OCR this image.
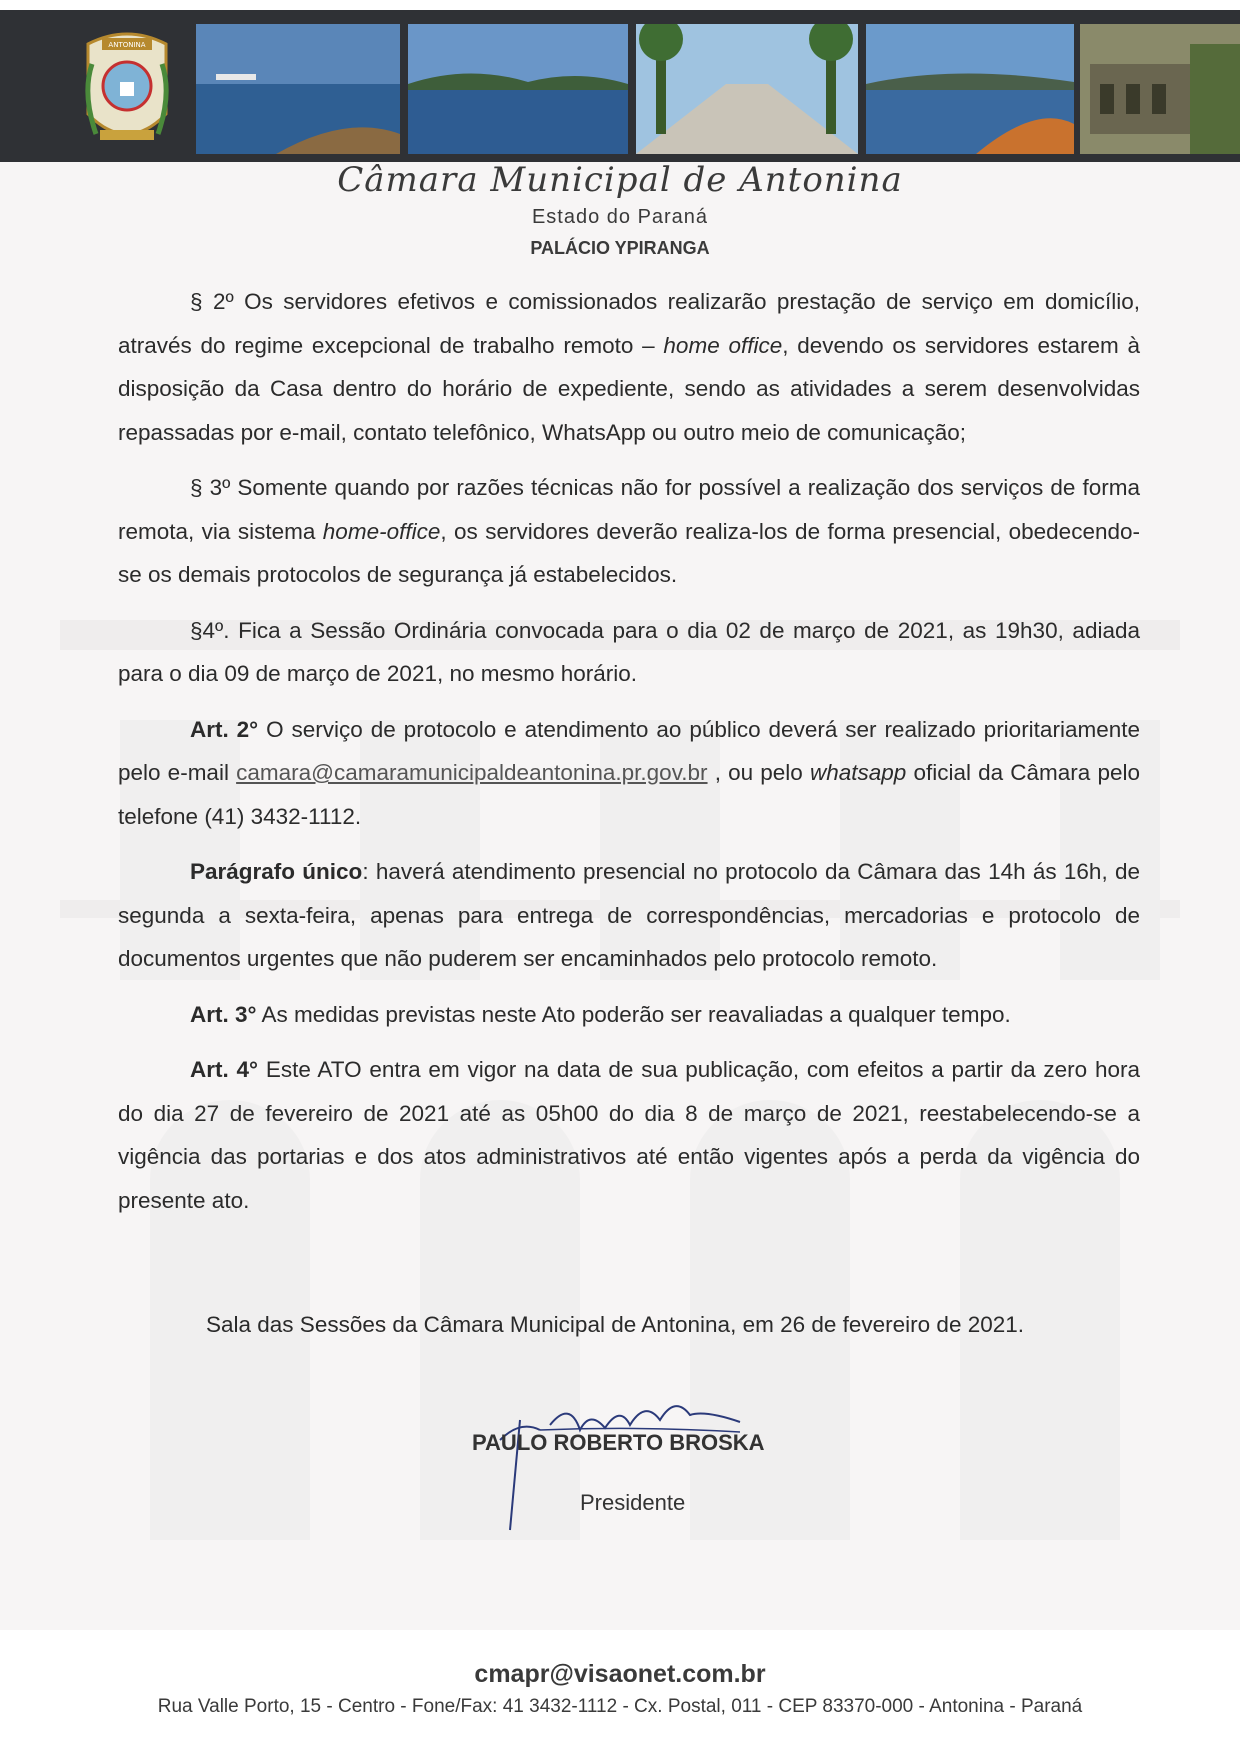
ANTONINA
Câmara Municipal de Antonina
Estado do Paraná
PALÁCIO YPIRANGA

§ 2º Os servidores efetivos e comissionados realizarão prestação de serviço em domicílio, através do regime excepcional de trabalho remoto – home office, devendo os servidores estarem à disposição da Casa dentro do horário de expediente, sendo as atividades a serem desenvolvidas repassadas por e-mail, contato telefônico, WhatsApp ou outro meio de comunicação;

§ 3º Somente quando por razões técnicas não for possível a realização dos serviços de forma remota, via sistema home-office, os servidores deverão realiza-los de forma presencial, obedecendo-se os demais protocolos de segurança já estabelecidos.

§4º. Fica a Sessão Ordinária convocada para o dia 02 de março de 2021, as 19h30, adiada para o dia 09 de março de 2021, no mesmo horário.

Art. 2° O serviço de protocolo e atendimento ao público deverá ser realizado prioritariamente pelo e-mail camara@camaramunicipaldeantonina.pr.gov.br , ou pelo whatsapp oficial da Câmara pelo telefone (41) 3432-1112.

Parágrafo único: haverá atendimento presencial no protocolo da Câmara das 14h ás 16h, de segunda a sexta-feira, apenas para entrega de correspondências, mercadorias e protocolo de documentos urgentes que não puderem ser encaminhados pelo protocolo remoto.

Art. 3° As medidas previstas neste Ato poderão ser reavaliadas a qualquer tempo.

Art. 4° Este ATO entra em vigor na data de sua publicação, com efeitos a partir da zero hora do dia 27 de fevereiro de 2021 até as 05h00 do dia 8 de março de 2021, reestabelecendo-se a vigência das portarias e dos atos administrativos até então vigentes após a perda da vigência do presente ato.

Sala das Sessões da Câmara Municipal de Antonina, em 26 de fevereiro de 2021.
PAULO ROBERTO BROSKA
Presidente
cmapr@visaonet.com.br
Rua Valle Porto, 15 - Centro - Fone/Fax: 41 3432-1112 - Cx. Postal, 011 - CEP 83370-000 - Antonina - Paraná
